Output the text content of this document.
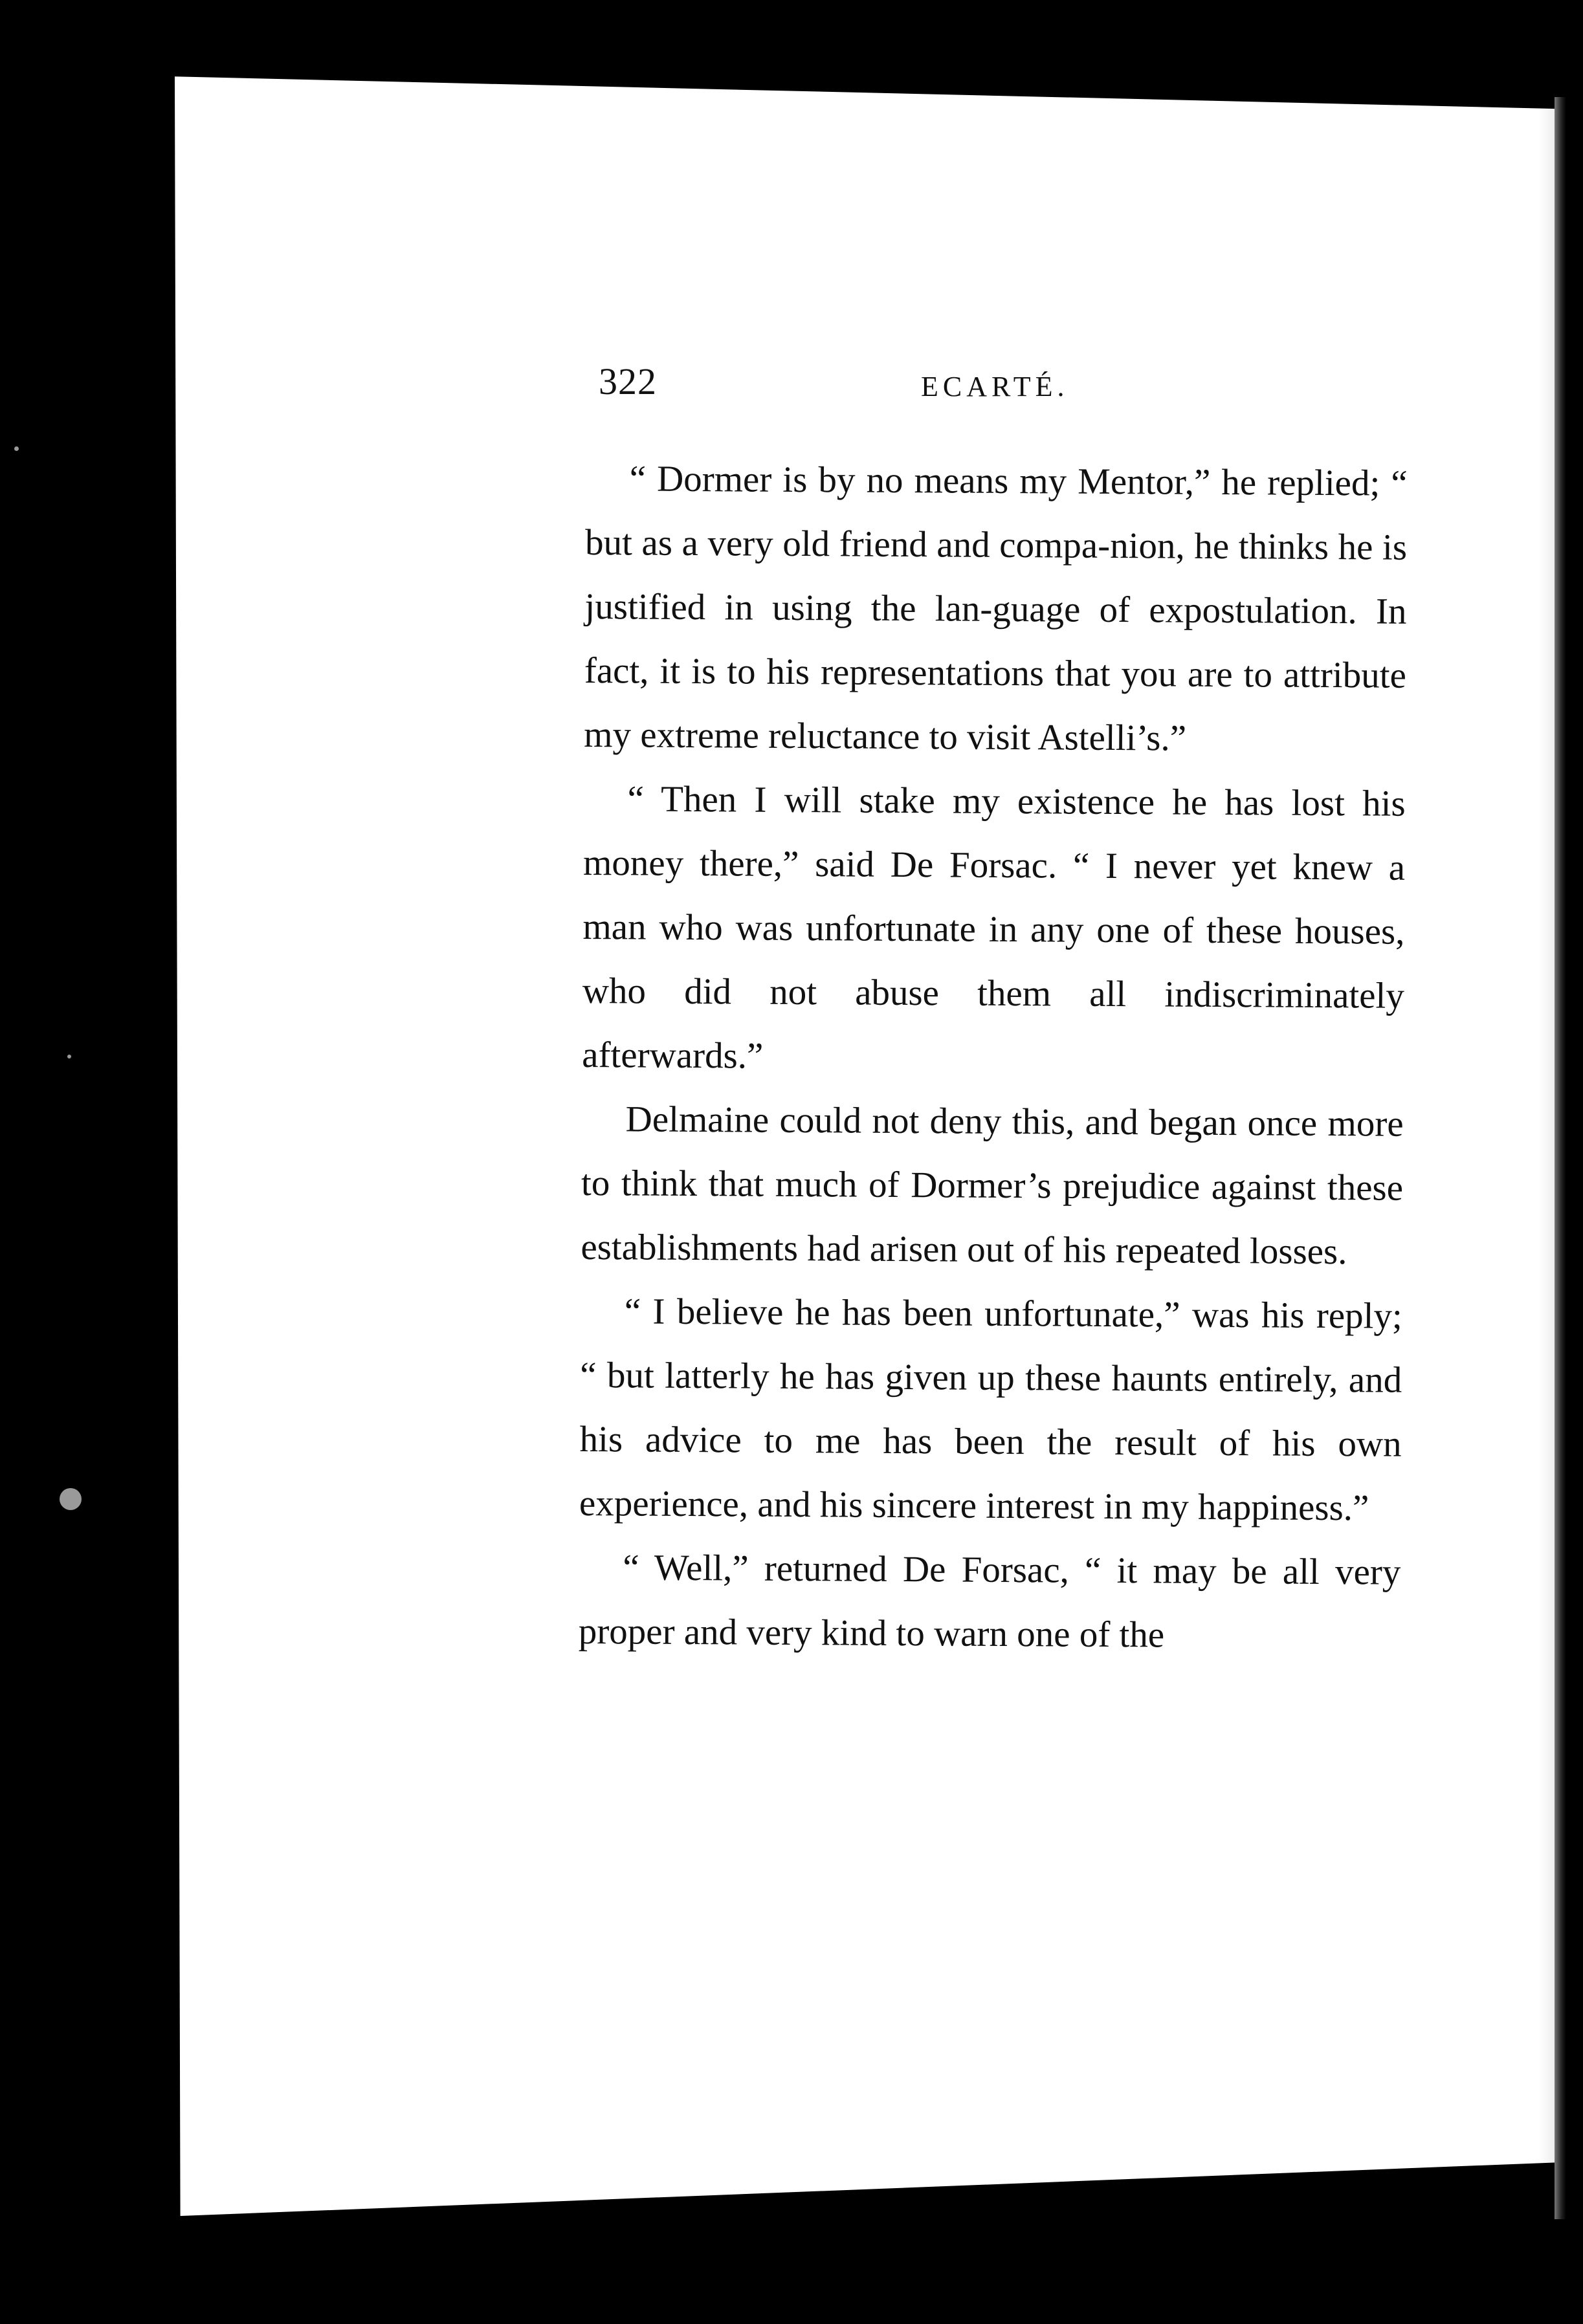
322	ECARTÉ.

“ Dormer is by no means my Mentor,” he replied; “ but as a very old friend and compa-nion, he thinks he is justified in using the lan-guage of expostulation. In fact, it is to his representations that you are to attribute my extreme reluctance to visit Astelli’s.”

“ Then I will stake my existence he has lost his money there,” said De Forsac. “ I never yet knew a man who was unfortunate in any one of these houses, who did not abuse them all indiscriminately afterwards.”

Delmaine could not deny this, and began once more to think that much of Dormer’s prejudice against these establishments had arisen out of his repeated losses.

“ I believe he has been unfortunate,” was his reply; “ but latterly he has given up these haunts entirely, and his advice to me has been the result of his own experience, and his sincere interest in my happiness.”

“ Well,” returned De Forsac, “ it may be all very proper and very kind to warn one of the
